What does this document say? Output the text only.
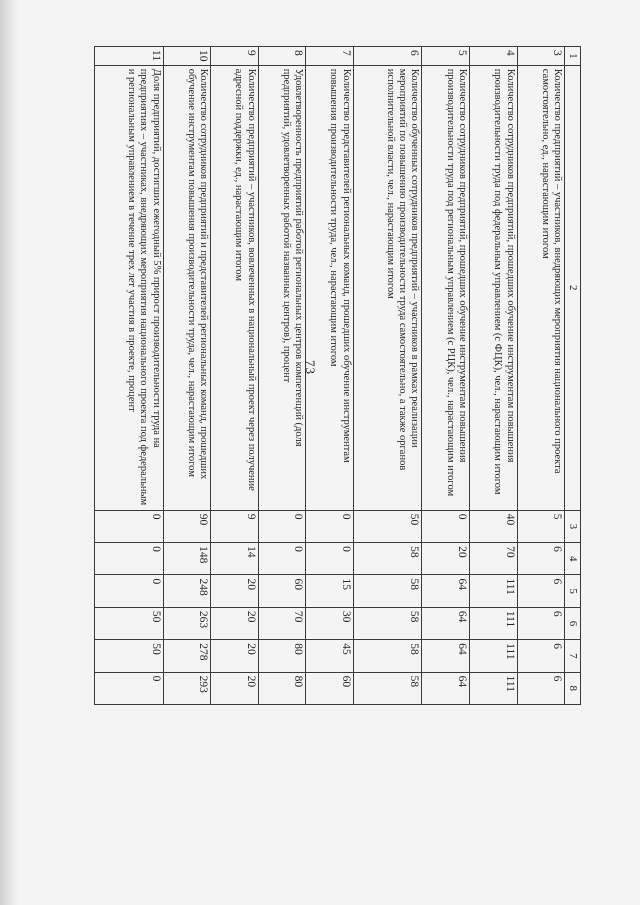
73
1	2	3	4	5	6	7	8
3	Количество предприятий – участников, внедряющих мероприятия национального проекта самостоятельно, ед., нарастающим итогом	5	6	6	6	6	6
4	Количество сотрудников предприятий, прошедших обучение инструментам повышения производительности труда под федеральным управлением (с ФЦК), чел., нарастающим итогом	40	70	111	111	111	111
5	Количество сотрудников предприятий, прошедших обучение инструментам повышения производительности труда под региональным управлением (с РЦК), чел., нарастающим итогом	0	20	64	64	64	64
6	Количество обученных сотрудников предприятий – участников в рамках реализации мероприятий по повышению производительности труда самостоятельно, а также органов исполнительной власти, чел., нарастающим итогом	50	58	58	58	58	58
7	Количество представителей региональных команд, прошедших обучение инструментам повышения производительности труда, чел., нарастающим итогом	0	0	15	30	45	60
8	Удовлетворенность предприятий работой региональных центров компетенций (доля предприятий, удовлетворенных работой названных центров), процент	0	0	60	70	80	80
9	Количество предприятий – участников, вовлеченных в национальный проект через получение адресной поддержки, ед., нарастающим итогом	9	14	20	20	20	20
10	Количество сотрудников предприятий и представителей региональных команд, прошедших обучение инструментам повышения производительности труда, чел., нарастающим итогом	90	148	248	263	278	293
11	Доля предприятий, достигших ежегодный 5% прирост производительности труда на предприятиях – участниках, внедряющих мероприятия национального проекта под федеральным и региональным управлением в течение трех лет участия в проекте, процент	0	0	0	50	50	0
